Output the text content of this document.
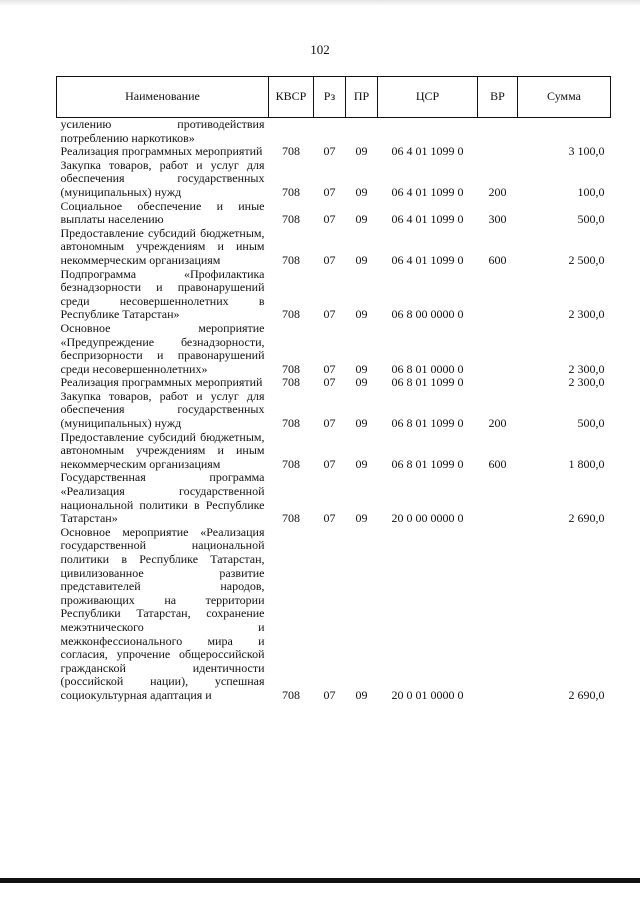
102
Наименование	КВСР	Рз	ПР	ЦСР	ВР	Сумма
усилению противодействия потреблению наркотиков»						
Реализация программных мероприятий	708	07	09	06 4 01 1099 0		3 100,0
Закупка товаров, работ и услуг для обеспечения государственных (муниципальных) нужд	708	07	09	06 4 01 1099 0	200	100,0
Социальное обеспечение и иные выплаты населению	708	07	09	06 4 01 1099 0	300	500,0
Предоставление субсидий бюджетным, автономным учреждениям и иным некоммерческим организациям	708	07	09	06 4 01 1099 0	600	2 500,0
Подпрограмма «Профилактика безнадзорности и правонарушений среди несовершеннолетних в Республике Татарстан»	708	07	09	06 8 00 0000 0		2 300,0
Основное мероприятие «Предупреждение безнадзорности, беспризорности и правонарушений среди несовершеннолетних»	708	07	09	06 8 01 0000 0		2 300,0
Реализация программных мероприятий	708	07	09	06 8 01 1099 0		2 300,0
Закупка товаров, работ и услуг для обеспечения государственных (муниципальных) нужд	708	07	09	06 8 01 1099 0	200	500,0
Предоставление субсидий бюджетным, автономным учреждениям и иным некоммерческим организациям	708	07	09	06 8 01 1099 0	600	1 800,0
Государственная программа «Реализация государственной национальной политики в Республике Татарстан»	708	07	09	20 0 00 0000 0		2 690,0
Основное мероприятие «Реализация государственной национальной политики в Республике Татарстан, цивилизованное развитие представителей народов, проживающих на территории Республики Татарстан, сохранение межэтнического и межконфессионального мира и согласия, упрочение общероссийской гражданской идентичности (российской нации), успешная социокультурная адаптация и	708	07	09	20 0 01 0000 0		2 690,0
